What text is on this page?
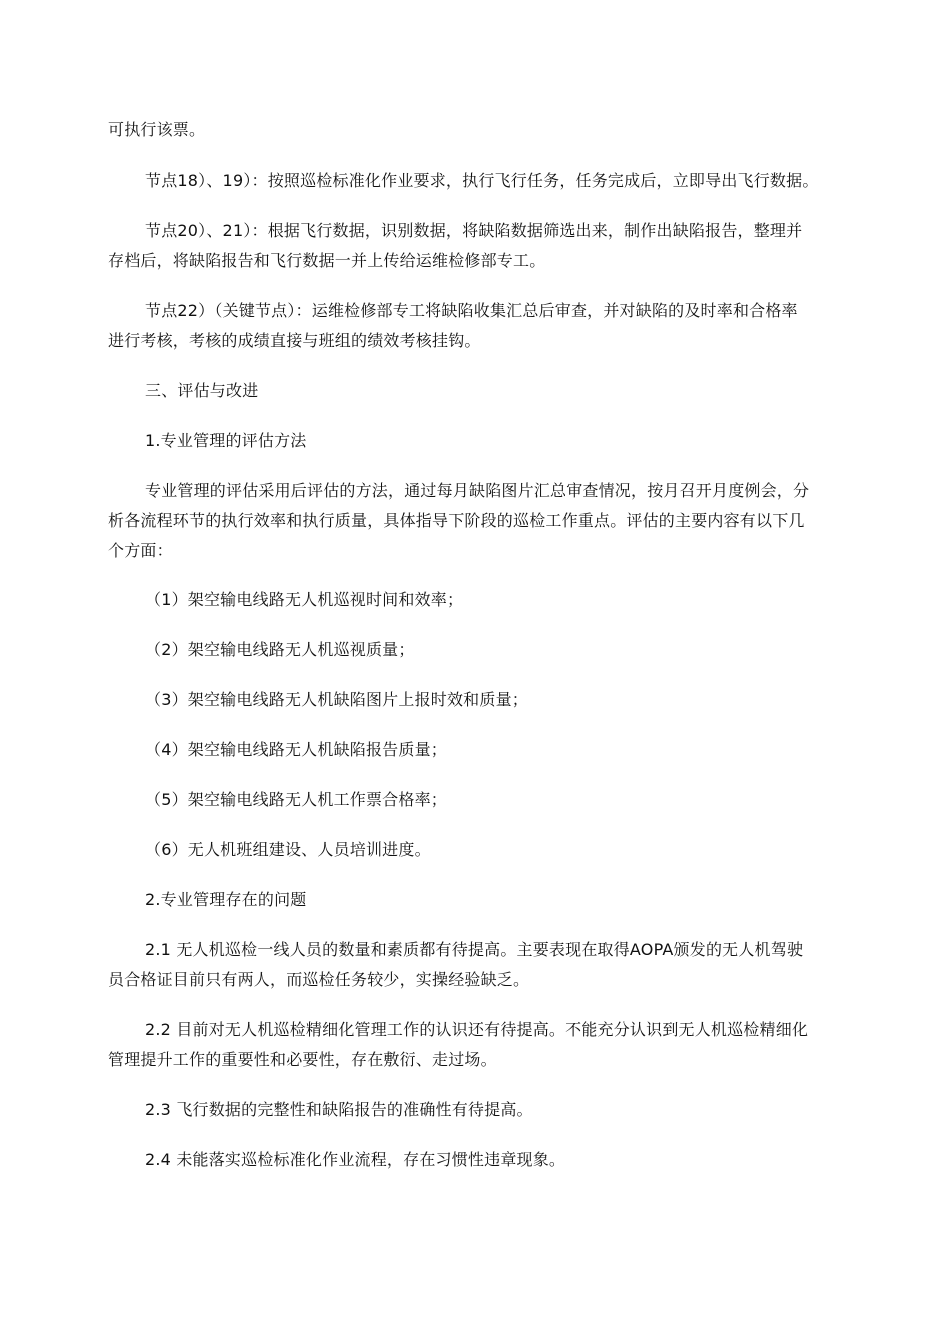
可执行该票。
节点18）、19）：按照巡检标准化作业要求，执行飞行任务，任务完成后，立即导出飞行数据。
节点20）、21）：根据飞行数据，识别数据，将缺陷数据筛选出来，制作出缺陷报告，整理并
存档后，将缺陷报告和飞行数据一并上传给运维检修部专工。
节点22）（关键节点）：运维检修部专工将缺陷收集汇总后审查，并对缺陷的及时率和合格率
进行考核，考核的成绩直接与班组的绩效考核挂钩。
三、评估与改进
1.专业管理的评估方法
专业管理的评估采用后评估的方法，通过每月缺陷图片汇总审查情况，按月召开月度例会，分
析各流程环节的执行效率和执行质量，具体指导下阶段的巡检工作重点。评估的主要内容有以下几
个方面：
（1）架空输电线路无人机巡视时间和效率；
（2）架空输电线路无人机巡视质量；
（3）架空输电线路无人机缺陷图片上报时效和质量；
（4）架空输电线路无人机缺陷报告质量；
（5）架空输电线路无人机工作票合格率；
（6）无人机班组建设、人员培训进度。
2.专业管理存在的问题
2.1 无人机巡检一线人员的数量和素质都有待提高。主要表现在取得AOPA颁发的无人机驾驶
员合格证目前只有两人，而巡检任务较少，实操经验缺乏。
2.2 目前对无人机巡检精细化管理工作的认识还有待提高。不能充分认识到无人机巡检精细化
管理提升工作的重要性和必要性，存在敷衍、走过场。
2.3 飞行数据的完整性和缺陷报告的准确性有待提高。
2.4 未能落实巡检标准化作业流程，存在习惯性违章现象。
